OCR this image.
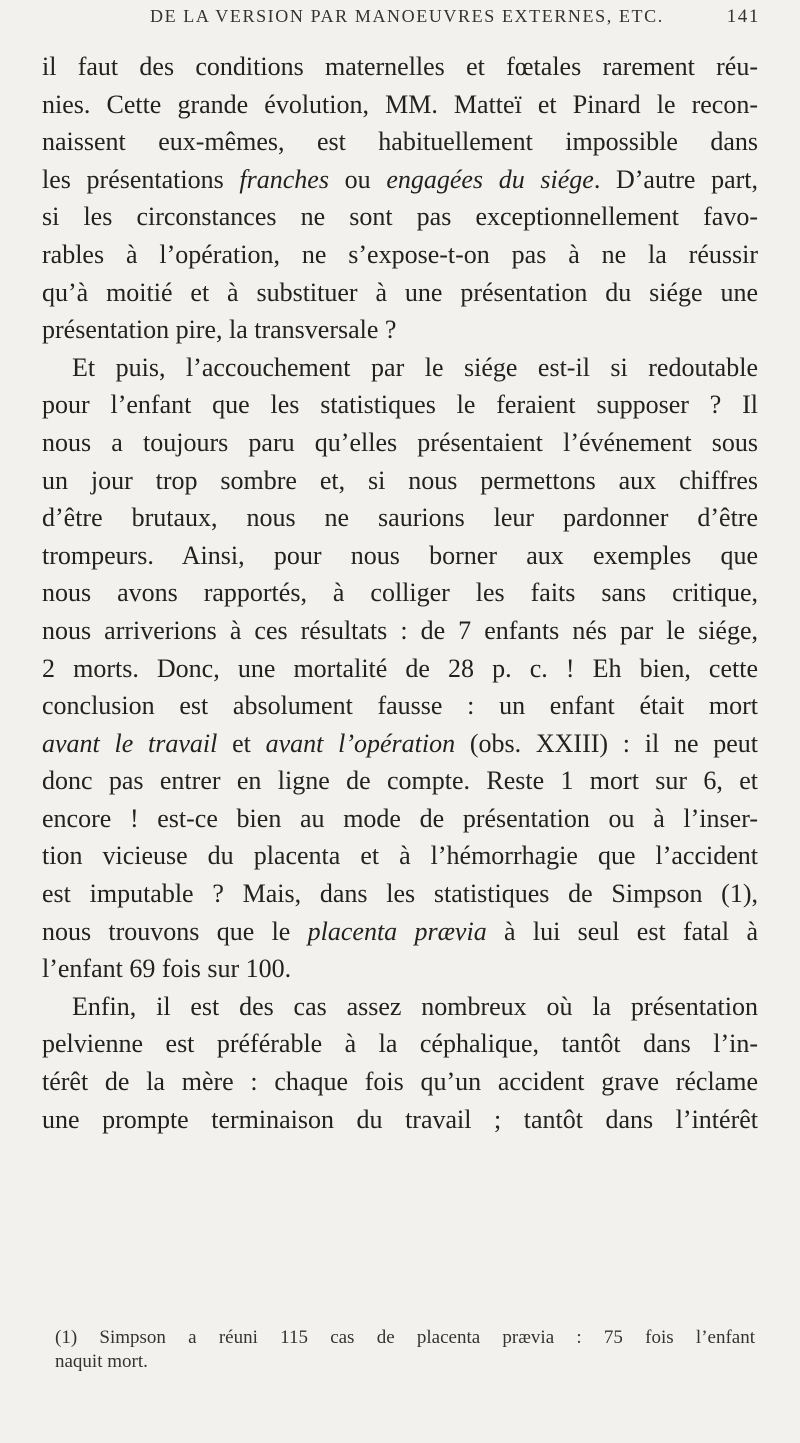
DE LA VERSION PAR MANOEUVRES EXTERNES, ETC.	141
il faut des conditions maternelles et fœtales rarement réu-
nies. Cette grande évolution, MM. Matteï et Pinard le recon-
naissent eux-mêmes, est habituellement impossible dans
les présentations franches ou engagées du siége. D’autre part,
si les circonstances ne sont pas exceptionnellement favo-
rables à l’opération, ne s’expose-t-on pas à ne la réussir
qu’à moitié et à substituer à une présentation du siége une
présentation pire, la transversale ?
Et puis, l’accouchement par le siége est-il si redoutable
pour l’enfant que les statistiques le feraient supposer ? Il
nous a toujours paru qu’elles présentaient l’événement sous
un jour trop sombre et, si nous permettons aux chiffres
d’être brutaux, nous ne saurions leur pardonner d’être
trompeurs. Ainsi, pour nous borner aux exemples que
nous avons rapportés, à colliger les faits sans critique,
nous arriverions à ces résultats : de 7 enfants nés par le siége,
2 morts. Donc, une mortalité de 28 p. c. ! Eh bien, cette
conclusion est absolument fausse : un enfant était mort
avant le travail et avant l’opération (obs. XXIII) : il ne peut
donc pas entrer en ligne de compte. Reste 1 mort sur 6, et
encore ! est-ce bien au mode de présentation ou à l’inser-
tion vicieuse du placenta et à l’hémorrhagie que l’accident
est imputable ? Mais, dans les statistiques de Simpson (1),
nous trouvons que le placenta prævia à lui seul est fatal à
l’enfant 69 fois sur 100.
Enfin, il est des cas assez nombreux où la présentation
pelvienne est préférable à la céphalique, tantôt dans l’in-
térêt de la mère : chaque fois qu’un accident grave réclame
une prompte terminaison du travail ; tantôt dans l’intérêt
(1) Simpson a réuni 115 cas de placenta prævia : 75 fois l’enfant
naquit mort.
